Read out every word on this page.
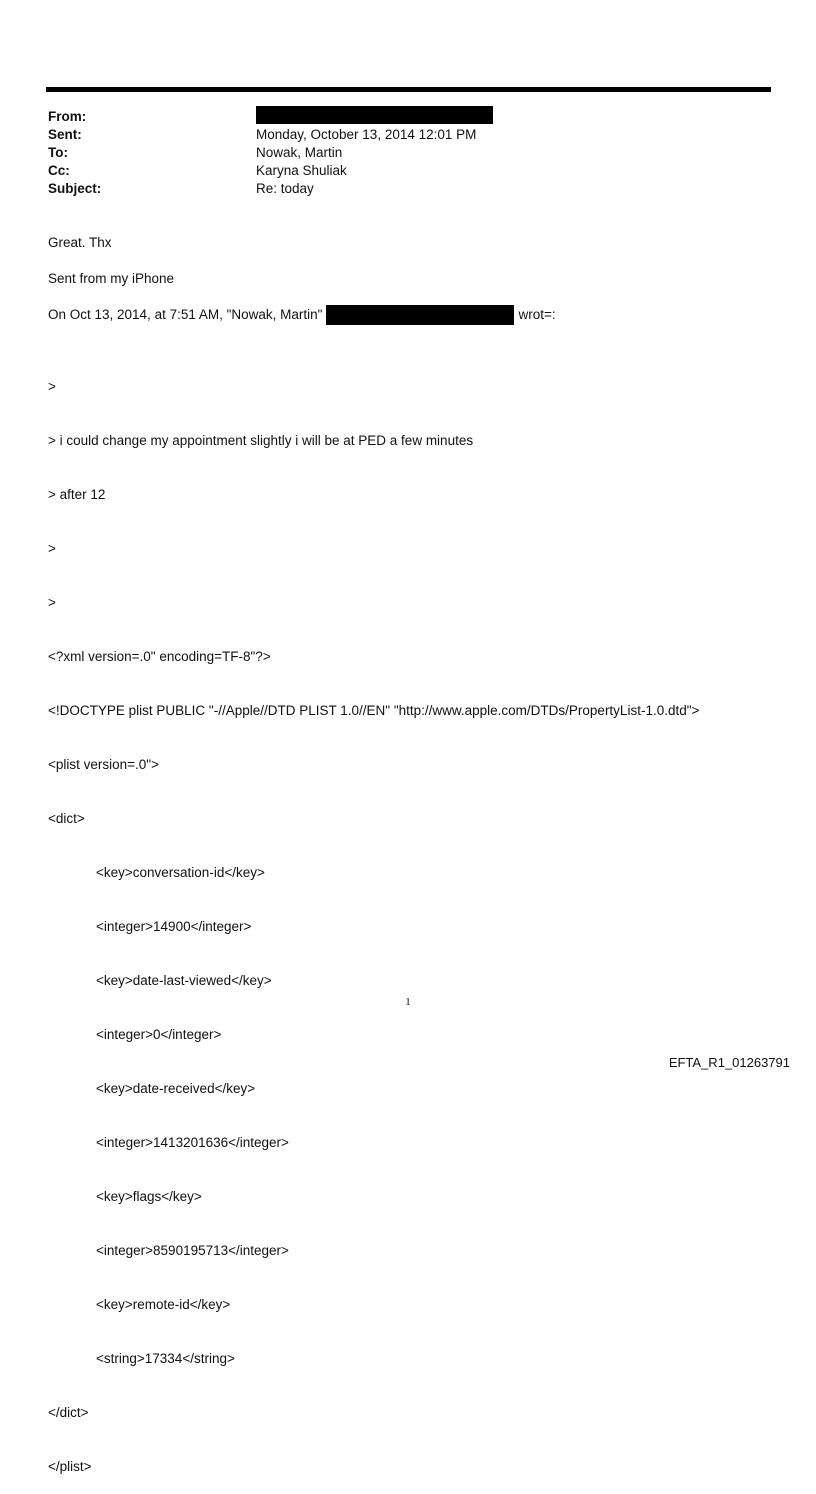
From:
Sent:	Monday, October 13, 2014 12:01 PM
To:	Nowak, Martin
Cc:	Karyna Shuliak
Subject:	Re: today
Great. Thx
Sent from my iPhone
On Oct 13, 2014, at 7:51 AM, "Nowak, Martin"	wrot=:

>

> i could change my appointment slightly i will be at PED a few minutes

> after 12

>

>

<?xml version=.0" encoding=TF-8"?>

<!DOCTYPE plist PUBLIC "-//Apple//DTD PLIST 1.0//EN" "http://www.apple.com/DTDs/PropertyList-1.0.dtd">

<plist version=.0">

<dict>

<key>conversation-id</key>

<integer>14900</integer>

<key>date-last-viewed</key>

<integer>0</integer>

<key>date-received</key>

<integer>1413201636</integer>

<key>flags</key>

<integer>8590195713</integer>

<key>remote-id</key>

<string>17334</string>

</dict>

</plist>

1
EFTA_R1_01263791
